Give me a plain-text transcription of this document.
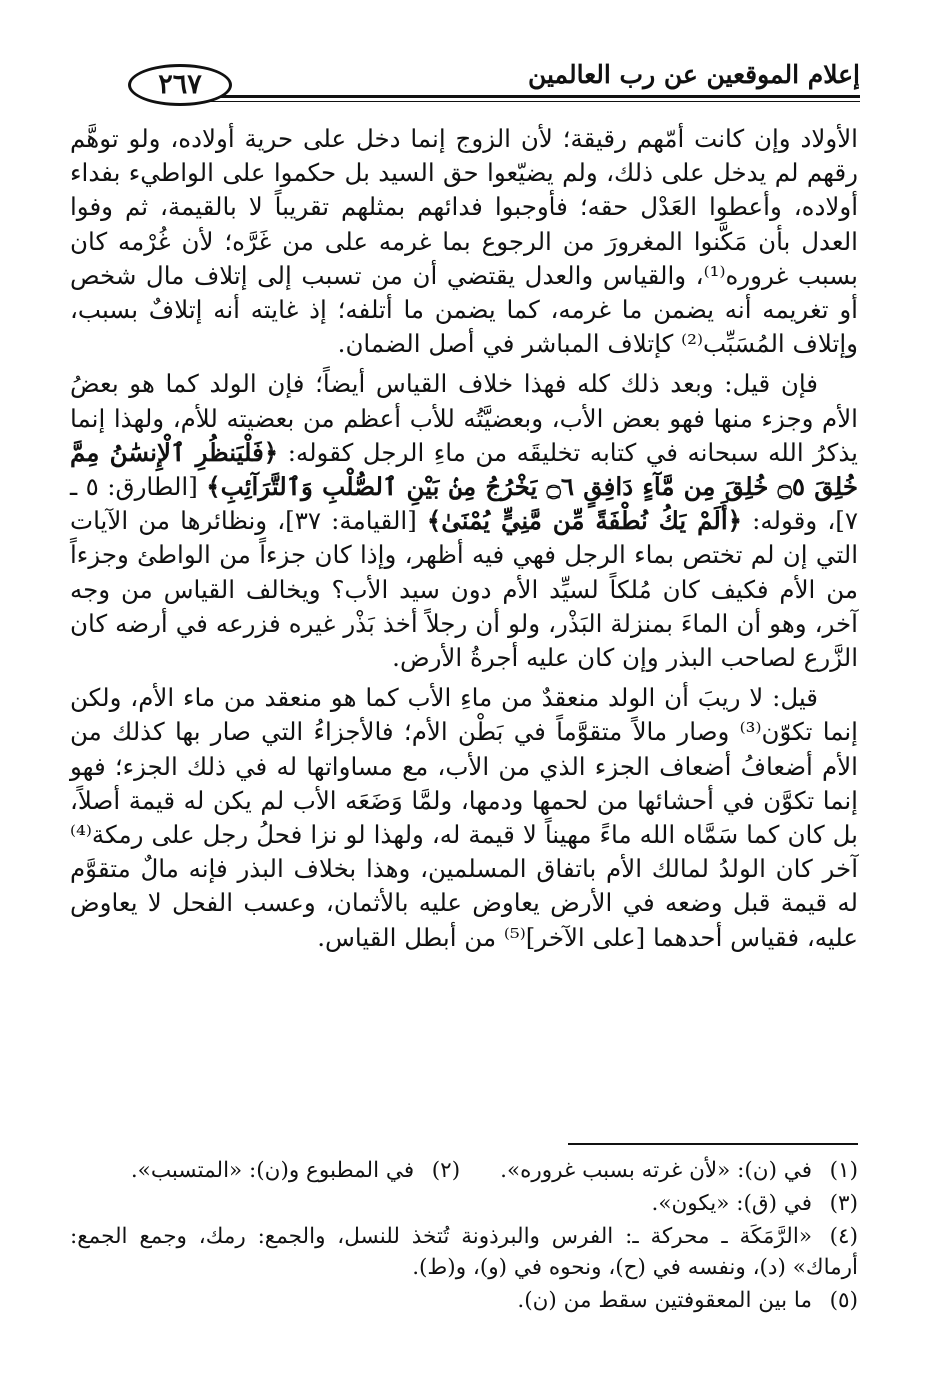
إعلام الموقعين عن رب العالمين
٢٦٧

الأولاد وإن كانت أمّهم رقيقة؛ لأن الزوج إنما دخل على حرية أولاده، ولو توهَّم رقهم لم يدخل على ذلك، ولم يضيّعوا حق السيد بل حكموا على الواطيء بفداء أولاده، وأعطوا العَدْل حقه؛ فأوجبوا فدائهم بمثلهم تقريباً لا بالقيمة، ثم وفوا العدل بأن مَكَّنوا المغرورَ من الرجوع بما غرمه على من غَرَّه؛ لأن غُرْمه كان بسبب غروره⁽¹⁾، والقياس والعدل يقتضي أن من تسبب إلى إتلاف مال شخص أو تغريمه أنه يضمن ما غرمه، كما يضمن ما أتلفه؛ إذ غايته أنه إتلافٌ بسبب، وإتلاف المُسَبِّب⁽²⁾ كإتلاف المباشر في أصل الضمان.

فإن قيل: وبعد ذلك كله فهذا خلاف القياس أيضاً؛ فإن الولد كما هو بعضُ الأم وجزء منها فهو بعض الأب، وبعضيَّتُه للأب أعظم من بعضيته للأم، ولهذا إنما يذكرُ الله سبحانه في كتابه تخليقَه من ماءِ الرجل كقوله: ﴿فَلْيَنظُرِ ٱلْإِنسَٰنُ مِمَّ خُلِقَ ۝٥ خُلِقَ مِن مَّآءٍ دَافِقٍ ۝٦ يَخْرُجُ مِنۢ بَيْنِ ٱلصُّلْبِ وَٱلتَّرَآئِبِ﴾ [الطارق: ٥ ـ ٧]، وقوله: ﴿أَلَمْ يَكُ نُطْفَةً مِّن مَّنِيٍّ يُمْنَىٰ﴾ [القيامة: ٣٧]، ونظائرها من الآيات التي إن لم تختص بماء الرجل فهي فيه أظهر، وإذا كان جزءاً من الواطئ وجزءاً من الأم فكيف كان مُلكاً لسيِّد الأم دون سيد الأب؟ ويخالف القياس من وجه آخر، وهو أن الماءَ بمنزلة البَذْر، ولو أن رجلاً أخذ بَذْر غيره فزرعه في أرضه كان الزَّرع لصاحب البذر وإن كان عليه أجرةُ الأرض.

قيل: لا ريبَ أن الولد منعقدٌ من ماءِ الأب كما هو منعقد من ماء الأم، ولكن إنما تكوّن⁽³⁾ وصار مالاً متقوَّماً في بَطْن الأم؛ فالأجزاءُ التي صار بها كذلك من الأم أضعافُ أضعاف الجزء الذي من الأب، مع مساواتها له في ذلك الجزء؛ فهو إنما تكوَّن في أحشائها من لحمها ودمها، ولمَّا وَضَعَه الأب لم يكن له قيمة أصلاً، بل كان كما سَمَّاه الله ماءً مهيناً لا قيمة له، ولهذا لو نزا فحلُ رجل على رمكة⁽⁴⁾ آخر كان الولدُ لمالك الأم باتفاق المسلمين، وهذا بخلاف البذر فإنه مالٌ متقوَّم له قيمة قبل وضعه في الأرض يعاوض عليه بالأثمان، وعسب الفحل لا يعاوض عليه، فقياس أحدهما [على الآخر]⁽⁵⁾ من أبطل القياس.

(١)في (ن): «لأن غرته بسبب غروره».(٢)في المطبوع و(ن): «المتسبب».
(٣)في (ق): «يكون».
(٤)«الرَّمَكَة ـ محركة ـ: الفرس والبرذونة تُتخذ للنسل، والجمع: رمك، وجمع الجمع: أرماك» (د)، ونفسه في (ح)، ونحوه في (و)، و(ط).
(٥)ما بين المعقوفتين سقط من (ن).
